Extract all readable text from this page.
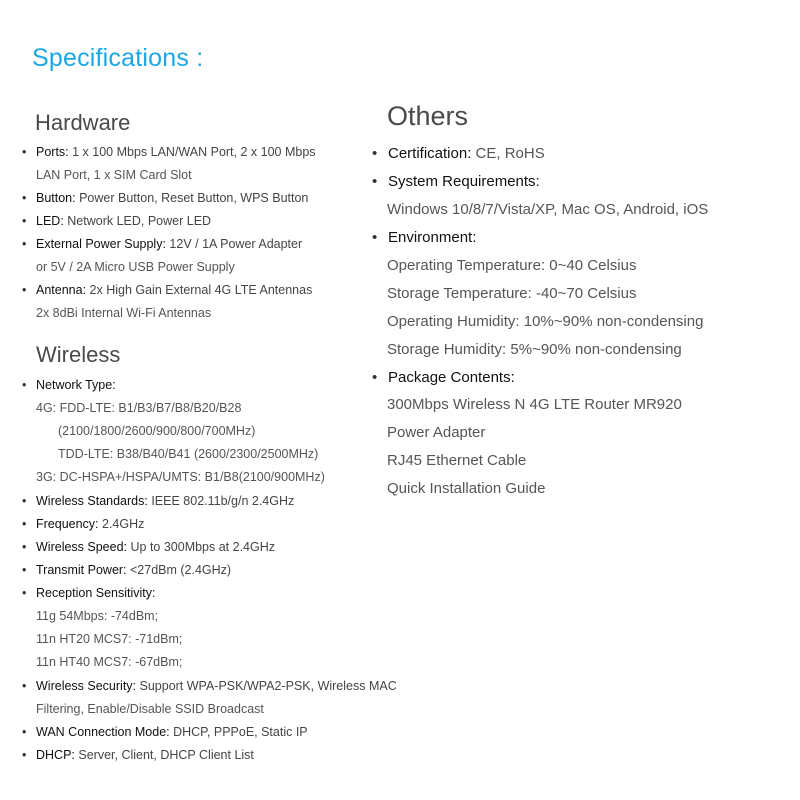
Specifications :
Hardware
• Ports: 1 x 100 Mbps LAN/WAN Port, 2 x 100 Mbps
LAN Port, 1 x SIM Card Slot
• Button: Power Button, Reset Button, WPS Button
• LED: Network LED, Power LED
• External Power Supply: 12V / 1A Power Adapter
or 5V / 2A Micro USB Power Supply
• Antenna: 2x High Gain External 4G LTE Antennas
2x 8dBi Internal Wi-Fi Antennas
Wireless
• Network Type:
4G: FDD-LTE: B1/B3/B7/B8/B20/B28
(2100/1800/2600/900/800/700MHz)
TDD-LTE: B38/B40/B41 (2600/2300/2500MHz)
3G: DC-HSPA+/HSPA/UMTS: B1/B8(2100/900MHz)
• Wireless Standards: IEEE 802.11b/g/n 2.4GHz
• Frequency: 2.4GHz
• Wireless Speed: Up to 300Mbps at 2.4GHz
• Transmit Power: <27dBm (2.4GHz)
• Reception Sensitivity:
11g 54Mbps: -74dBm;
11n HT20 MCS7: -71dBm;
11n HT40 MCS7: -67dBm;
• Wireless Security: Support WPA-PSK/WPA2-PSK, Wireless MAC
Filtering, Enable/Disable SSID Broadcast
• WAN Connection Mode: DHCP, PPPoE, Static IP
• DHCP: Server, Client, DHCP Client List
Others
• Certification: CE, RoHS
• System Requirements:
Windows 10/8/7/Vista/XP, Mac OS, Android, iOS
• Environment:
Operating Temperature: 0~40 Celsius
Storage Temperature: -40~70 Celsius
Operating Humidity: 10%~90% non-condensing
Storage Humidity: 5%~90% non-condensing
• Package Contents:
300Mbps Wireless N 4G LTE Router MR920
Power Adapter
RJ45 Ethernet Cable
Quick Installation Guide
